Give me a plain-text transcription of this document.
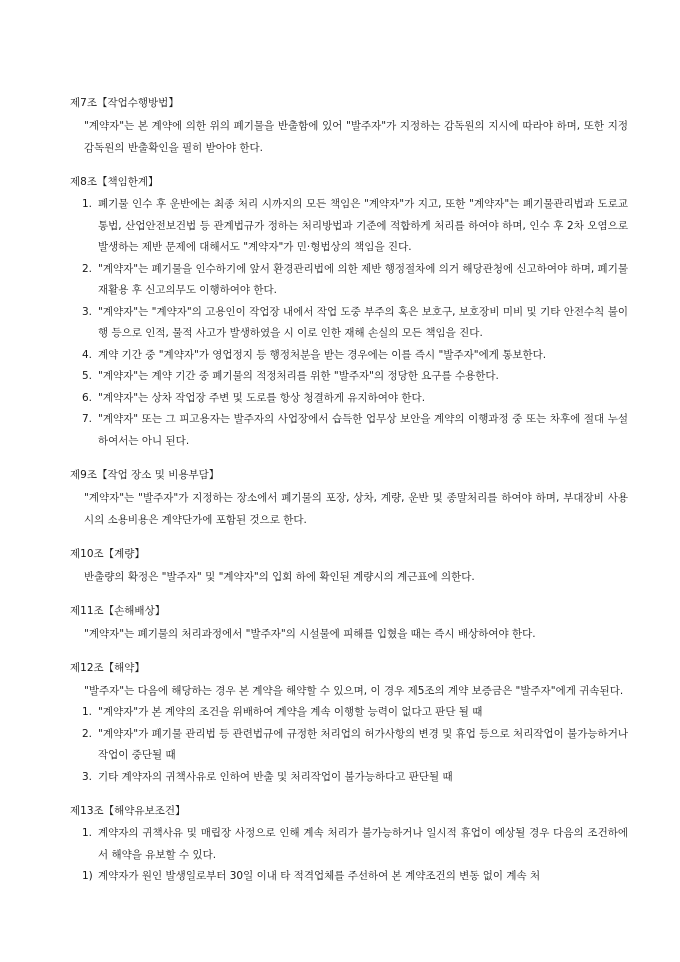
제7조【작업수행방법】
"계약자"는 본 계약에 의한 위의 폐기물을 반출함에 있어 "발주자"가 지정하는 감독원의 지시에 따라야 하며, 또한 지정감독원의 반출확인을 필히 받아야 한다.
제8조【책임한계】
1. 폐기물 인수 후 운반에는 최종 처리 시까지의 모든 책임은 "계약자"가 지고, 또한 "계약자"는 폐기물관리법과 도로교통법, 산업안전보건법 등 관계법규가 정하는 처리방법과 기준에 적합하게 처리를 하여야 하며, 인수 후 2차 오염으로 발생하는 제반 문제에 대해서도 "계약자"가 민·형법상의 책임을 진다.
2. "계약자"는 폐기물을 인수하기에 앞서 환경관리법에 의한 제반 행정절차에 의거 해당관청에 신고하여야 하며, 폐기물 재활용 후 신고의무도 이행하여야 한다.
3. "계약자"는 "계약자"의 고용인이 작업장 내에서 작업 도중 부주의 혹은 보호구, 보호장비 미비 및 기타 안전수칙 불이행 등으로 인적, 물적 사고가 발생하였을 시 이로 인한 재해 손실의 모든 책임을 진다.
4. 계약 기간 중 "계약자"가 영업정지 등 행정처분을 받는 경우에는 이를 즉시 "발주자"에게 통보한다.
5. "계약자"는 계약 기간 중 폐기물의 적정처리를 위한 "발주자"의 정당한 요구를 수용한다.
6. "계약자"는 상차 작업장 주변 및 도로를 항상 청결하게 유지하여야 한다.
7. "계약자" 또는 그 피고용자는 발주자의 사업장에서 습득한 업무상 보안을 계약의 이행과정 중 또는 차후에 절대 누설하여서는 아니 된다.
제9조【작업 장소 및 비용부담】
"계약자"는 "발주자"가 지정하는 장소에서 폐기물의 포장, 상차, 계량, 운반 및 종말처리를 하여야 하며, 부대장비 사용 시의 소용비용은 계약단가에 포함된 것으로 한다.
제10조【계량】
반출량의 확정은 "발주자" 및 "계약자"의 입회 하에 확인된 계량시의 계근표에 의한다.
제11조【손해배상】
"계약자"는 폐기물의 처리과정에서 "발주자"의 시설물에 피해를 입혔을 때는 즉시 배상하여야 한다.
제12조【해약】
"발주자"는 다음에 해당하는 경우 본 계약을 해약할 수 있으며, 이 경우 제5조의 계약 보증금은 "발주자"에게 귀속된다.
1. "계약자"가 본 계약의 조건을 위배하여 계약을 계속 이행할 능력이 없다고 판단 될 때
2. "계약자"가 폐기물 관리법 등 관련법규에 규정한 처리업의 허가사항의 변경 및 휴업 등으로 처리작업이 불가능하거나 작업이 중단될 때
3. 기타 계약자의 귀책사유로 인하여 반출 및 처리작업이 불가능하다고 판단될 때
제13조【해약유보조건】
1. 계약자의 귀책사유 및 매립장 사정으로 인해 계속 처리가 불가능하거나 일시적 휴업이 예상될 경우 다음의 조건하에서 해약을 유보할 수 있다.
1) 계약자가 원인 발생일로부터 30일 이내 타 적격업체를 주선하여 본 계약조건의 변동 없이 계속 처
